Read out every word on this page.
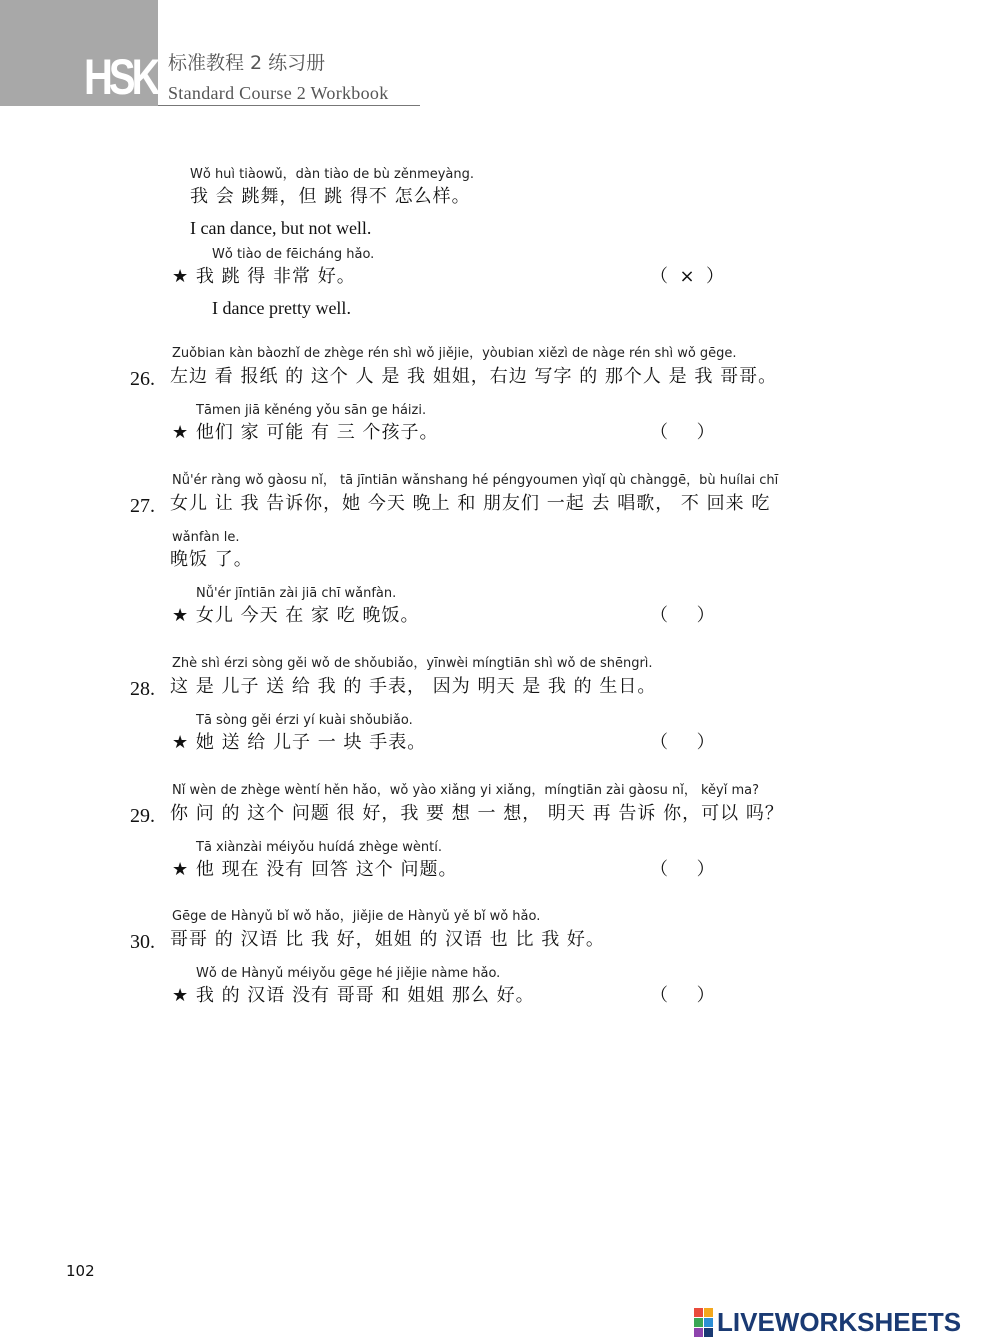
HSK 标准教程 2 练习册
Standard Course 2 Workbook
Wǒ huì tiàowǔ，dàn tiào de bù zěnmeyàng.
我 会 跳舞，但 跳 得不 怎么样。
I can dance, but not well.
Wǒ tiào de fēicháng hǎo.
★ 我 跳 得 非常 好。	（  ×  ）
I dance pretty well.
Zuǒbian kàn bàozhǐ de zhège rén shì wǒ jiějie，yòubian xiězì de nàge rén shì wǒ gēge.
26. 左边 看 报纸 的 这个 人 是 我 姐姐，右边 写字 的 那个人 是 我 哥哥。
Tāmen jiā kěnéng yǒu sān ge háizi.
★ 他们 家 可能 有 三 个孩子。	（     ）
Nǚ'ér ràng wǒ gàosu nǐ， tā jīntiān wǎnshang hé péngyoumen yìqǐ qù chànggē，bù huílai chī
27. 女儿 让 我 告诉你，她 今天 晚上 和 朋友们 一起 去 唱歌， 不 回来 吃
wǎnfàn le.
晚饭 了。
Nǚ'ér jīntiān zài jiā chī wǎnfàn.
★ 女儿 今天 在 家 吃 晚饭。	（     ）
Zhè shì érzi sòng gěi wǒ de shǒubiǎo，yīnwèi míngtiān shì wǒ de shēngrì.
28. 这 是 儿子 送 给 我 的 手表， 因为 明天 是 我 的 生日。
Tā sòng gěi érzi yí kuài shǒubiǎo.
★ 她 送 给 儿子 一 块 手表。	（     ）
Nǐ wèn de zhège wèntí hěn hǎo，wǒ yào xiǎng yi xiǎng，míngtiān zài gàosu nǐ， kěyǐ ma?
29. 你 问 的 这个 问题 很 好，我 要 想 一 想， 明天 再 告诉 你，可以 吗？
Tā xiànzài méiyǒu huídá zhège wèntí.
★ 他 现在 没有 回答 这个 问题。	（     ）
Gēge de Hànyǔ bǐ wǒ hǎo，jiějie de Hànyǔ yě bǐ wǒ hǎo.
30. 哥哥 的 汉语 比 我 好，姐姐 的 汉语 也 比 我 好。
Wǒ de Hànyǔ méiyǒu gēge hé jiějie nàme hǎo.
★ 我 的 汉语 没有 哥哥 和 姐姐 那么 好。	（     ）
102
LIVEWORKSHEETS
